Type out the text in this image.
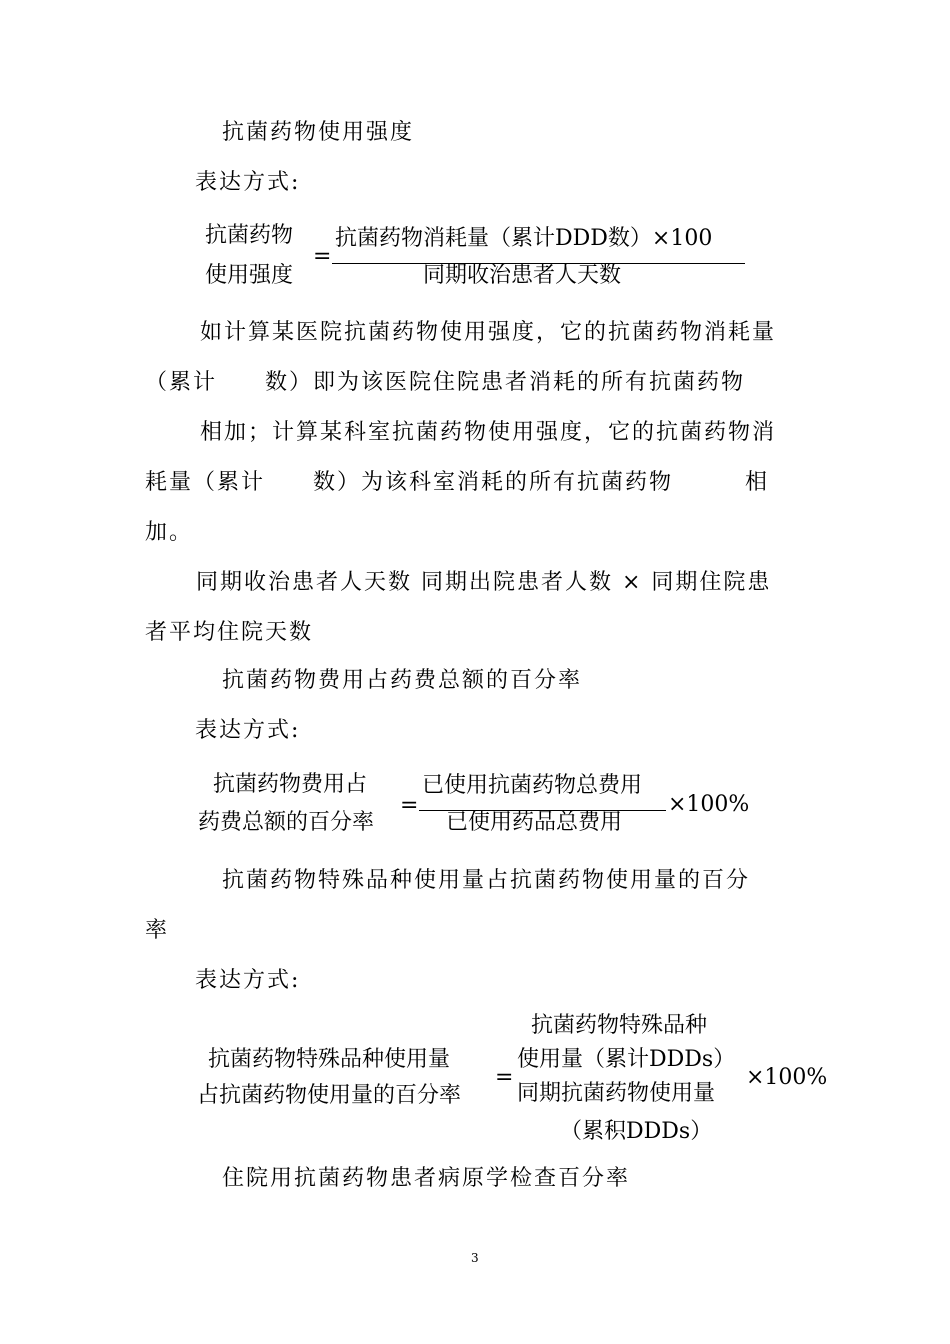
抗菌药物使用强度
表达方式:
抗菌药物
使用强度
=
抗菌药物消耗量（累计DDD数）×100
同期收治患者人天数
如计算某医院抗菌药物使用强度，它的抗菌药物消耗量
（累计　　数）即为该医院住院患者消耗的所有抗菌药物
相加；计算某科室抗菌药物使用强度，它的抗菌药物消
耗量（累计　　数）为该科室消耗的所有抗菌药物　　　相
加。
同期收治患者人天数 同期出院患者人数 × 同期住院患
者平均住院天数
抗菌药物费用占药费总额的百分率
表达方式:
抗菌药物费用占
药费总额的百分率
=
已使用抗菌药物总费用
已使用药品总费用
×100%
抗菌药物特殊品种使用量占抗菌药物使用量的百分
率
表达方式:
抗菌药物特殊品种
抗菌药物特殊品种使用量	使用量（累计DDDs）
=	×100%
占抗菌药物使用量的百分率	同期抗菌药物使用量
（累积DDDs）
住院用抗菌药物患者病原学检查百分率
3
